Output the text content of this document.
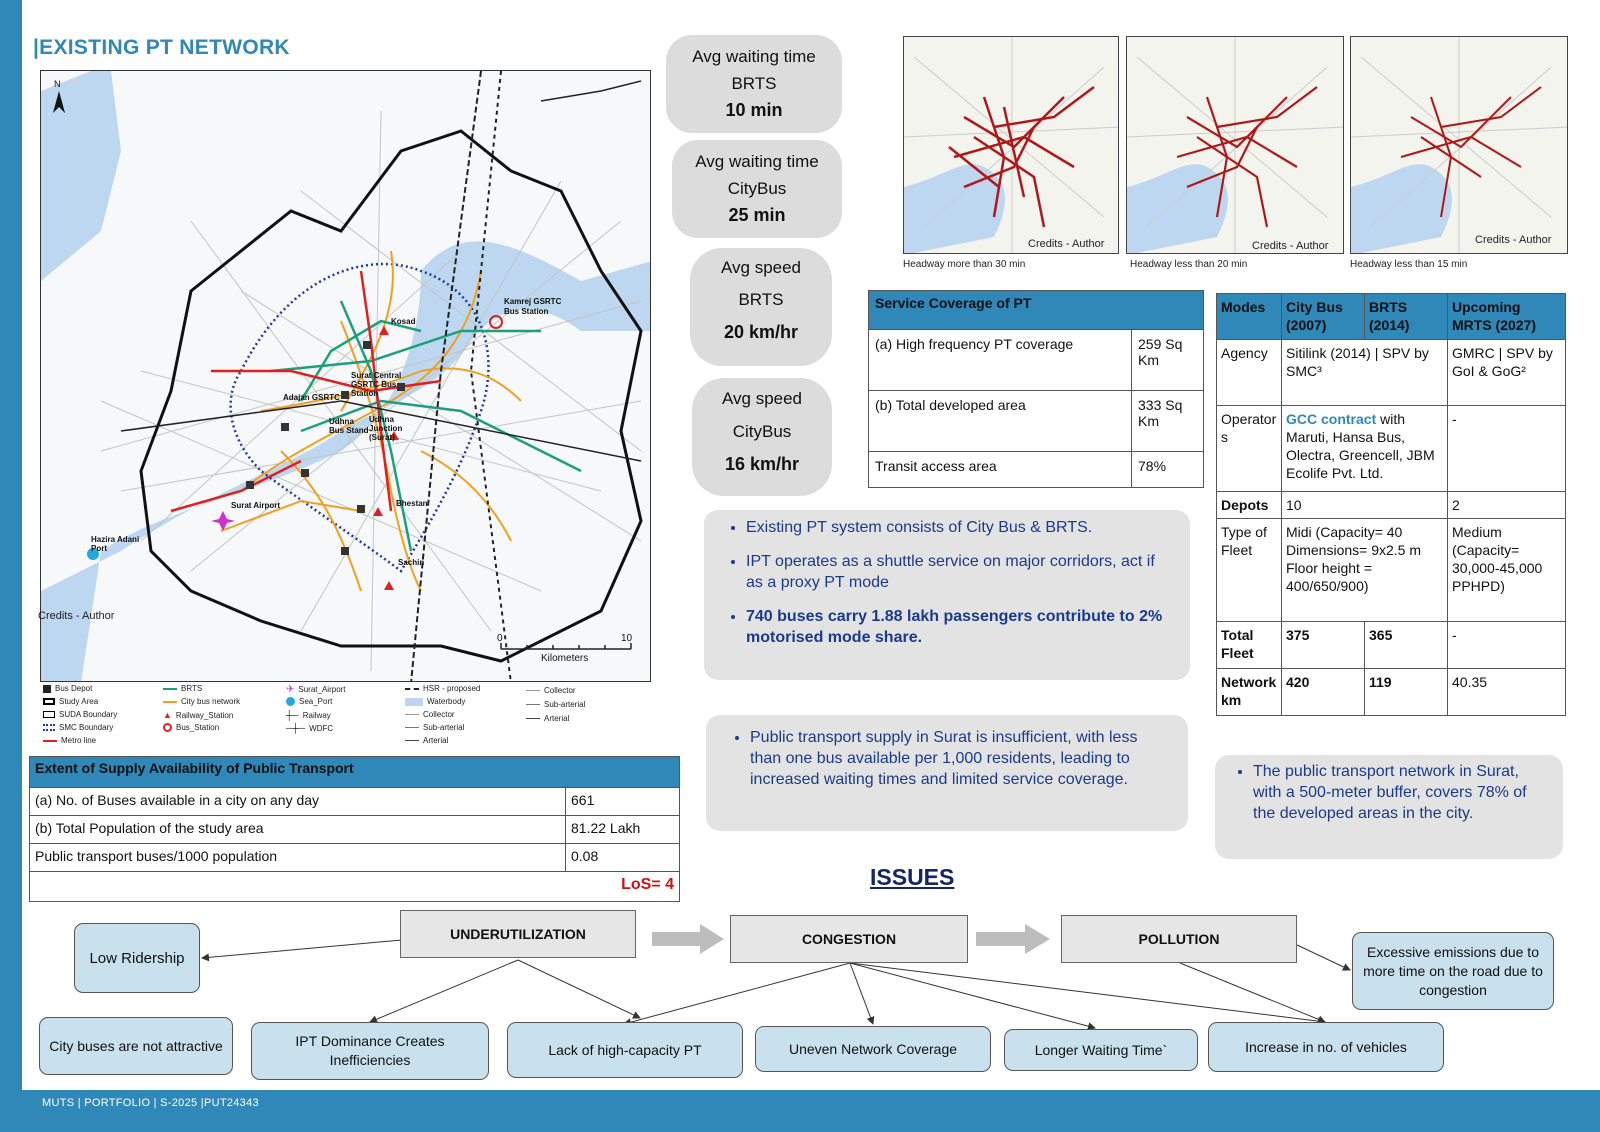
MUTS | PORTFOLIO | S-2025 |PUT24343
|EXISTING PT NETWORK
N
0	10
Kilometers
Kamrej GSRTC Bus Station
Kosad
Surat Central GSRTC Bus Station
Adajan GSRTC
Udhna Bus Stand
Udhna Junction (Surat)
Bhestan
Surat Airport
Hazira Adani Port
Sachin
Credits - Author
Bus Depot
Study Area
SUDA Boundary
SMC Boundary
Metro line
BRTS
City bus network
▲ Railway_Station
Bus_Station
✈ Surat_Airport
Sea_Port
┼─ Railway
─┼─ WDFC
HSR - proposed
Waterbody
Collector
Sub-arterial
Arterial
Collector
Sub-arterial
Arterial
Avg waiting time
BRTS
10 min
Avg waiting time
CityBus
25 min
Avg speed
BRTS
20 km/hr
Avg speed
CityBus
16 km/hr
Credits - Author
Headway more than 30 min
Credits - Author
Headway less than 20 min
Credits - Author
Headway less than 15 min
Service Coverage of PT	
(a) High frequency PT coverage	259 Sq Km
(b) Total developed area	333 Sq Km
Transit access area	78%
Modes	City Bus (2007)	BRTS (2014)	Upcoming MRTS (2027)
Agency	Sitilink (2014) | SPV by SMC³		GMRC | SPV by GoI & GoG²
Operators	GCC contract with Maruti, Hansa Bus, Olectra, Greencell, JBM Ecolife Pvt. Ltd.		-
Depots	10		2
Type of Fleet	Midi (Capacity= 40 Dimensions= 9x2.5 m Floor height = 400/650/900)		Medium (Capacity= 30,000-45,000 PPHPD)
Total Fleet	375	365	-
Network km	420	119	40.35
• Existing PT system consists of City Bus & BRTS.
• IPT operates as a shuttle service on major corridors, act if as a proxy PT mode
• 740 buses carry 1.88 lakh passengers contribute to 2% motorised mode share.
• Public transport supply in Surat is insufficient, with less than one bus available per 1,000 residents, leading to increased waiting times and limited service coverage.	• The public transport network in Surat, with a 500-meter buffer, covers 78% of the developed areas in the city.
Extent of Supply Availability of Public Transport	
(a) No. of Buses available in a city on any day	661
(b) Total Population of the study area	81.22 Lakh
Public transport buses/1000 population	0.08
LoS= 4		ISSUES
UNDERUTILIZATION	CONGESTION	POLLUTION
Low Ridership	Excessive emissions due to more time on the road due to congestion
City buses are not attractive	IPT Dominance Creates Inefficiencies
Lack of high-capacity PT	Uneven Network Coverage	Longer Waiting Time`	Increase in no. of vehicles
